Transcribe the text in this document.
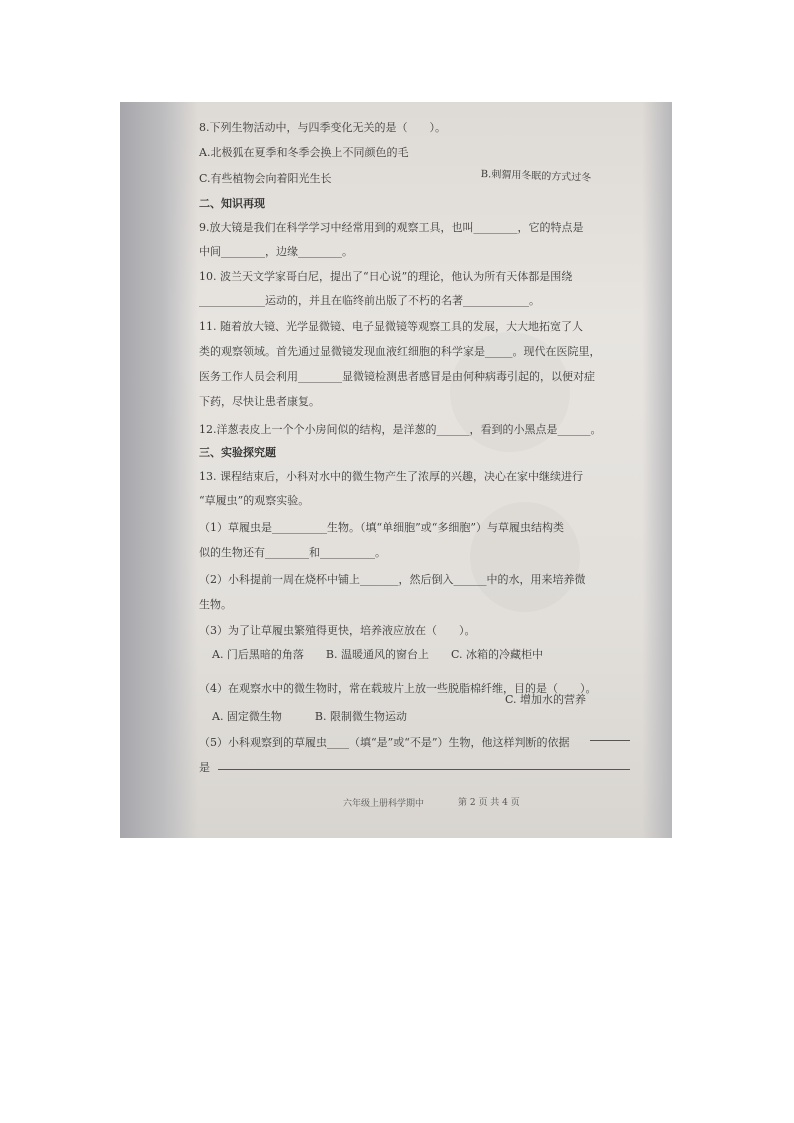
8.下列生物活动中，与四季变化无关的是（　　）。
A.北极狐在夏季和冬季会换上不同颜色的毛
C.有些植物会向着阳光生长	B.刺猬用冬眠的方式过冬
二、知识再现
9.放大镜是我们在科学学习中经常用到的观察工具，也叫________，它的特点是
中间________，边缘________。
10. 波兰天文学家哥白尼，提出了“日心说”的理论，他认为所有天体都是围绕
____________运动的，并且在临终前出版了不朽的名著____________。
11. 随着放大镜、光学显微镜、电子显微镜等观察工具的发展，大大地拓宽了人
类的观察领域。首先通过显微镜发现血液红细胞的科学家是_____。现代在医院里，
医务工作人员会利用________显微镜检测患者感冒是由何种病毒引起的，以便对症
下药，尽快让患者康复。
12.洋葱表皮上一个个小房间似的结构，是洋葱的______，看到的小黑点是______。
三、实验探究题
13. 课程结束后，小科对水中的微生物产生了浓厚的兴趣，决心在家中继续进行
“草履虫”的观察实验。
（1）草履虫是__________生物。（填“单细胞”或“多细胞”）与草履虫结构类
似的生物还有________和__________。
（2）小科提前一周在烧杯中铺上_______，然后倒入______中的水，用来培养微
生物。
（3）为了让草履虫繁殖得更快，培养液应放在（　　）。
A. 门后黑暗的角落　　B. 温暖通风的窗台上　　C. 冰箱的冷藏柜中
（4）在观察水中的微生物时，常在载玻片上放一些脱脂棉纤维，目的是（　　）。
A. 固定微生物　　　B. 限制微生物运动
C. 增加水的营养
（5）小科观察到的草履虫____（填“是”或“不是”）生物，他这样判断的依据
是
六年级上册科学期中	第 2 页 共 4 页
